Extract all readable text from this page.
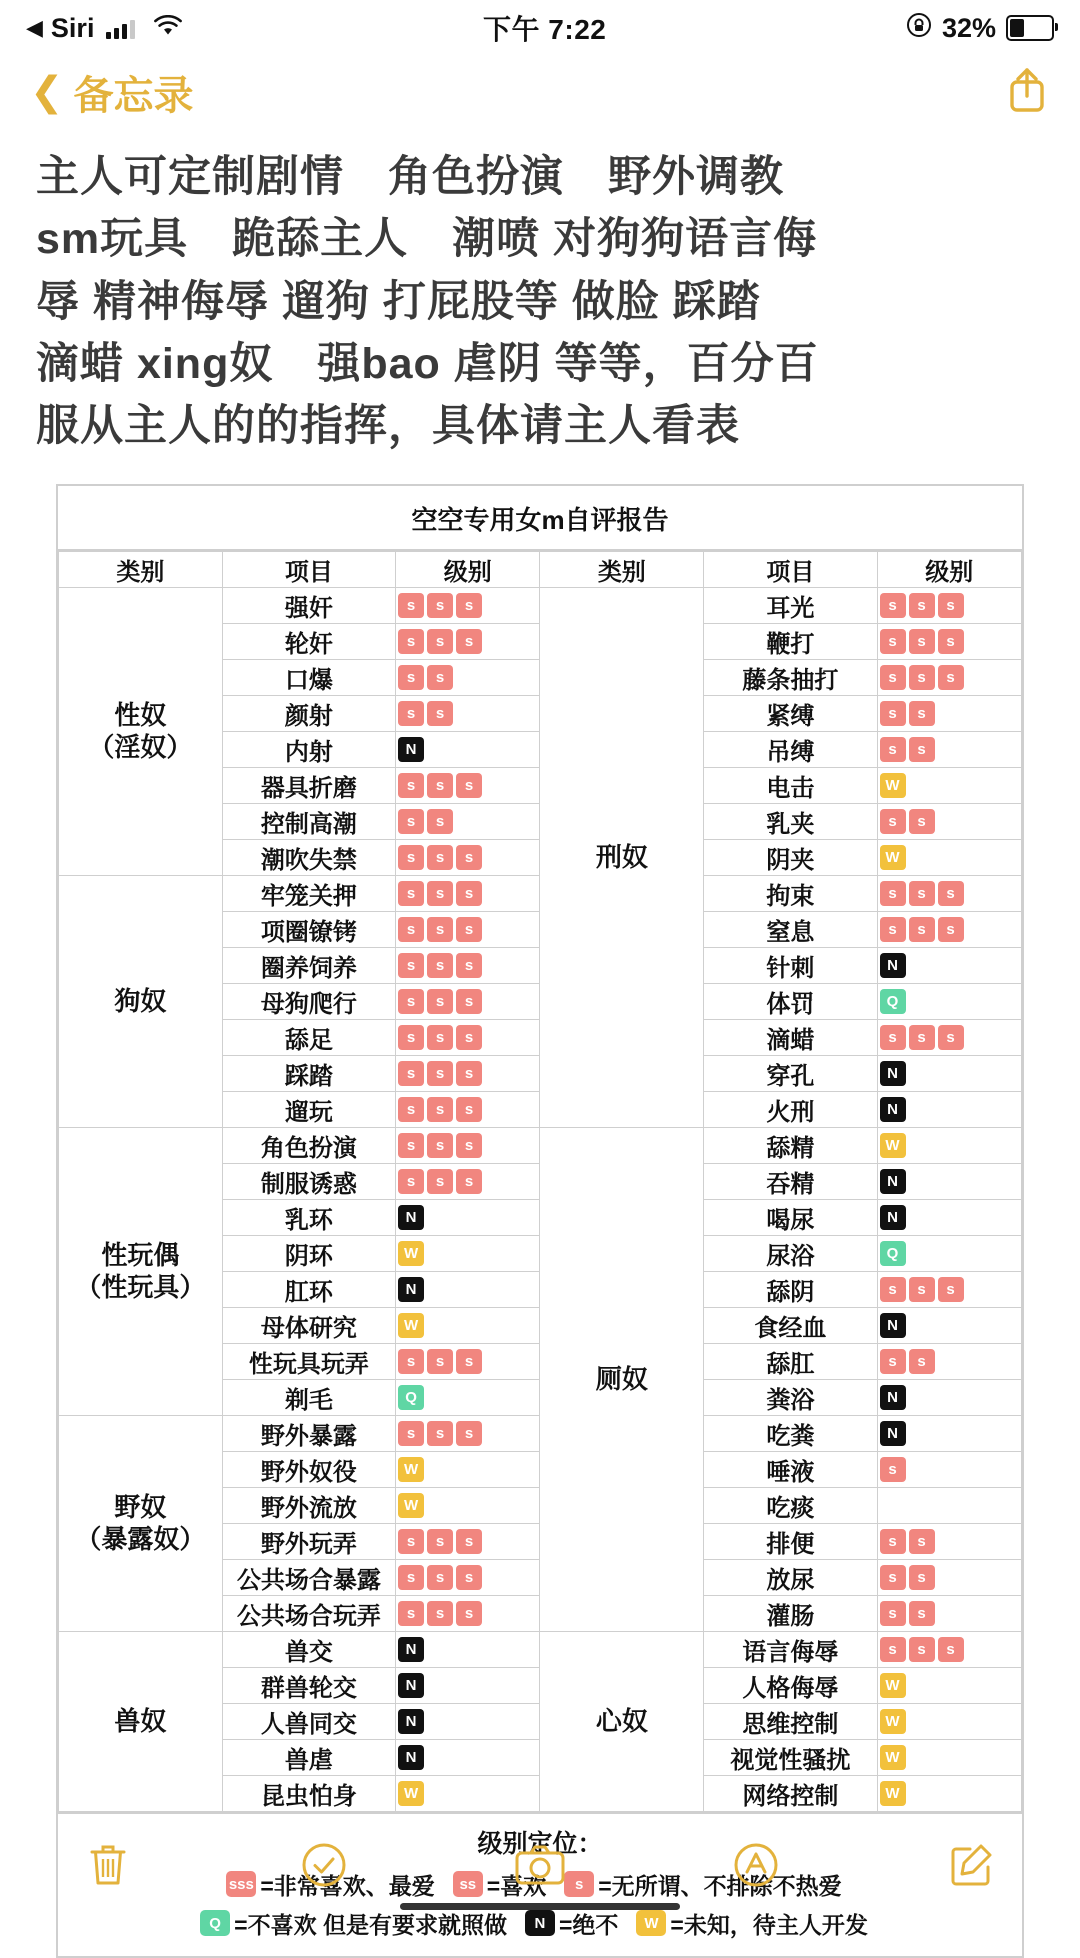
◀ Siri	下午 7:22	32%
❮ 备忘录

主人可定制剧情　角色扮演　野外调教

sm玩具　跪舔主人　潮喷 对狗狗语言侮

辱 精神侮辱 遛狗 打屁股等 做脸 踩踏

滴蜡 xing奴　强bao 虐阴 等等，百分百

服从主人的的指挥，具体请主人看表

空空专用女m自评报告
类别	项目	级别	类别	项目	级别
性奴
（淫奴）	强奸	s s s	刑奴	耳光	s s s

	轮奸	s s s		鞭打	s s s

	口爆	s s		藤条抽打	s s s

	颜射	s s		紧缚	s s

	内射	N		吊缚	s s

	器具折磨	s s s		电击	W

	控制高潮	s s		乳夹	s s

	潮吹失禁	s s s		阴夹	W

狗奴	牢笼关押	s s s		拘束	s s s

	项圈镣铐	s s s		窒息	s s s

	圈养饲养	s s s		针刺	N

	母狗爬行	s s s		体罚	Q

	舔足	s s s		滴蜡	s s s

	踩踏	s s s		穿孔	N

	遛玩	s s s		火刑	N

性玩偶
（性玩具）	角色扮演	s s s	厕奴	舔精	W

	制服诱惑	s s s		吞精	N

	乳环	N		喝尿	N

	阴环	W		尿浴	Q

	肛环	N		舔阴	s s s

	母体研究	W		食经血	N

	性玩具玩弄	s s s		舔肛	s s

	剃毛	Q		粪浴	N

野奴
（暴露奴）	野外暴露	s s s		吃粪	N

	野外奴役	W		唾液	s

	野外流放	W		吃痰	

	野外玩弄	s s s		排便	s s

	公共场合暴露	s s s		放尿	s s

	公共场合玩弄	s s s		灌肠	s s

兽奴	兽交	N	心奴	语言侮辱	s s s

	群兽轮交	N		人格侮辱	W

	人兽同交	N		思维控制	W

	兽虐	N		视觉性骚扰	W

	昆虫怕身	W		网络控制	W
级别定位：
sss =非常喜欢、最爱	ss =喜欢	s =无所谓、不排除不热爱
Q =不喜欢 但是有要求就照做	N =绝不	W =未知，待主人开发
